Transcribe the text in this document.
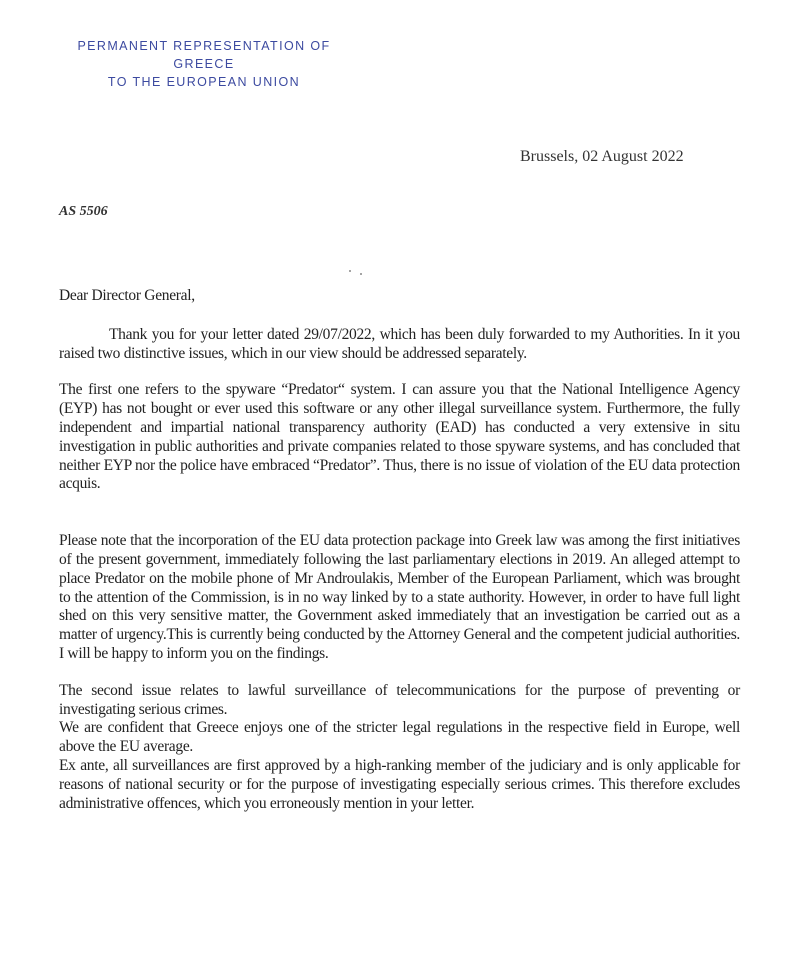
PERMANENT REPRESENTATION OF GREECE
TO THE EUROPEAN UNION
Brussels, 02 August 2022
AS 5506

Dear Director General,

Thank you for your letter dated 29/07/2022, which has been duly forwarded to my Authorities. In it you raised two distinctive issues, which in our view should be addressed separately.

The first one refers to the spyware “Predator“ system. I can assure you that the National Intelligence Agency (EYP) has not bought or ever used this software or any other illegal surveillance system. Furthermore, the fully independent and impartial national transparency authority (EAD) has conducted a very extensive in situ investigation in public authorities and private companies related to those spyware systems, and has concluded that neither EYP nor the police have embraced “Predator”. Thus, there is no issue of violation of the EU data protection acquis.

Please note that the incorporation of the EU data protection package into Greek law was among the first initiatives of the present government, immediately following the last parliamentary elections in 2019. An alleged attempt to place Predator on the mobile phone of Mr Androulakis, Member of the European Parliament, which was brought to the attention of the Commission, is in no way linked by to a state authority. However, in order to have full light shed on this very sensitive matter, the Government asked immediately that an investigation be carried out as a matter of urgency.This is currently being conducted by the Attorney General and the competent judicial authorities. I will be happy to inform you on the findings.

The second issue relates to lawful surveillance of telecommunications for the purpose of preventing or investigating serious crimes.

We are confident that Greece enjoys one of the stricter legal regulations in the respective field in Europe, well above the EU average.

Ex ante, all surveillances are first approved by a high-ranking member of the judiciary and is only applicable for reasons of national security or for the purpose of investigating especially serious crimes. This therefore excludes administrative offences, which you erroneously mention in your letter.
